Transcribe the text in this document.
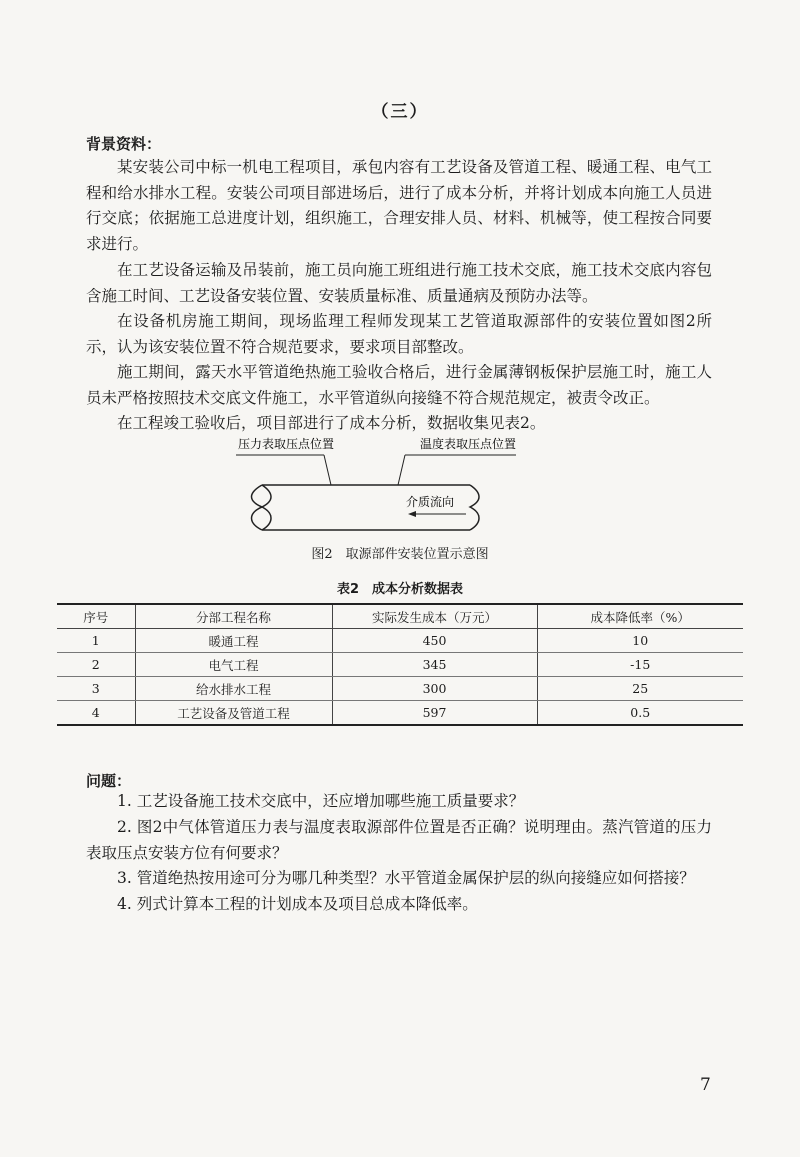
（三）
背景资料：

某安装公司中标一机电工程项目，承包内容有工艺设备及管道工程、暖通工程、电气工程和给水排水工程。安装公司项目部进场后，进行了成本分析，并将计划成本向施工人员进行交底；依据施工总进度计划，组织施工，合理安排人员、材料、机械等，使工程按合同要求进行。

在工艺设备运输及吊装前，施工员向施工班组进行施工技术交底，施工技术交底内容包含施工时间、工艺设备安装位置、安装质量标准、质量通病及预防办法等。

在设备机房施工期间，现场监理工程师发现某工艺管道取源部件的安装位置如图2所示，认为该安装位置不符合规范要求，要求项目部整改。

施工期间，露天水平管道绝热施工验收合格后，进行金属薄钢板保护层施工时，施工人员未严格按照技术交底文件施工，水平管道纵向接缝不符合规范规定，被责令改正。

在工程竣工验收后，项目部进行了成本分析，数据收集见表2。

压力表取压点位置	温度表取压点位置
介质流向
图2　取源部件安装位置示意图
表2　成本分析数据表
序号	分部工程名称	实际发生成本（万元）	成本降低率（%）
1	暖通工程	450	10
2	电气工程	345	-15
3	给水排水工程	300	25
4	工艺设备及管道工程	597	0.5
问题：

1. 工艺设备施工技术交底中，还应增加哪些施工质量要求？

2. 图2中气体管道压力表与温度表取源部件位置是否正确？说明理由。蒸汽管道的压力表取压点安装方位有何要求？

3. 管道绝热按用途可分为哪几种类型？水平管道金属保护层的纵向接缝应如何搭接？

4. 列式计算本工程的计划成本及项目总成本降低率。

7
